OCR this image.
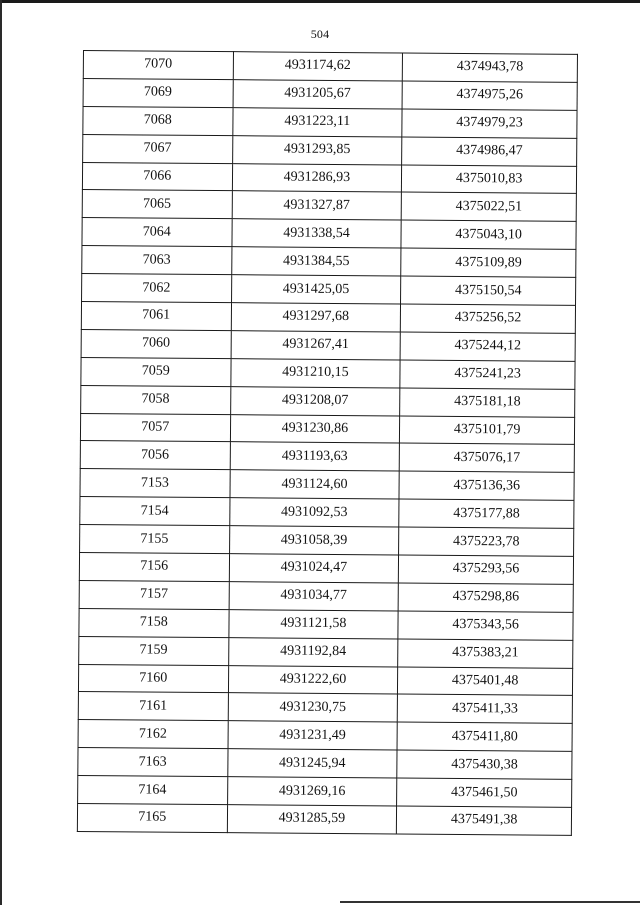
504
7070	4931174,62	4374943,78
7069	4931205,67	4374975,26
7068	4931223,11	4374979,23
7067	4931293,85	4374986,47
7066	4931286,93	4375010,83
7065	4931327,87	4375022,51
7064	4931338,54	4375043,10
7063	4931384,55	4375109,89
7062	4931425,05	4375150,54
7061	4931297,68	4375256,52
7060	4931267,41	4375244,12
7059	4931210,15	4375241,23
7058	4931208,07	4375181,18
7057	4931230,86	4375101,79
7056	4931193,63	4375076,17
7153	4931124,60	4375136,36
7154	4931092,53	4375177,88
7155	4931058,39	4375223,78
7156	4931024,47	4375293,56
7157	4931034,77	4375298,86
7158	4931121,58	4375343,56
7159	4931192,84	4375383,21
7160	4931222,60	4375401,48
7161	4931230,75	4375411,33
7162	4931231,49	4375411,80
7163	4931245,94	4375430,38
7164	4931269,16	4375461,50
7165	4931285,59	4375491,38
